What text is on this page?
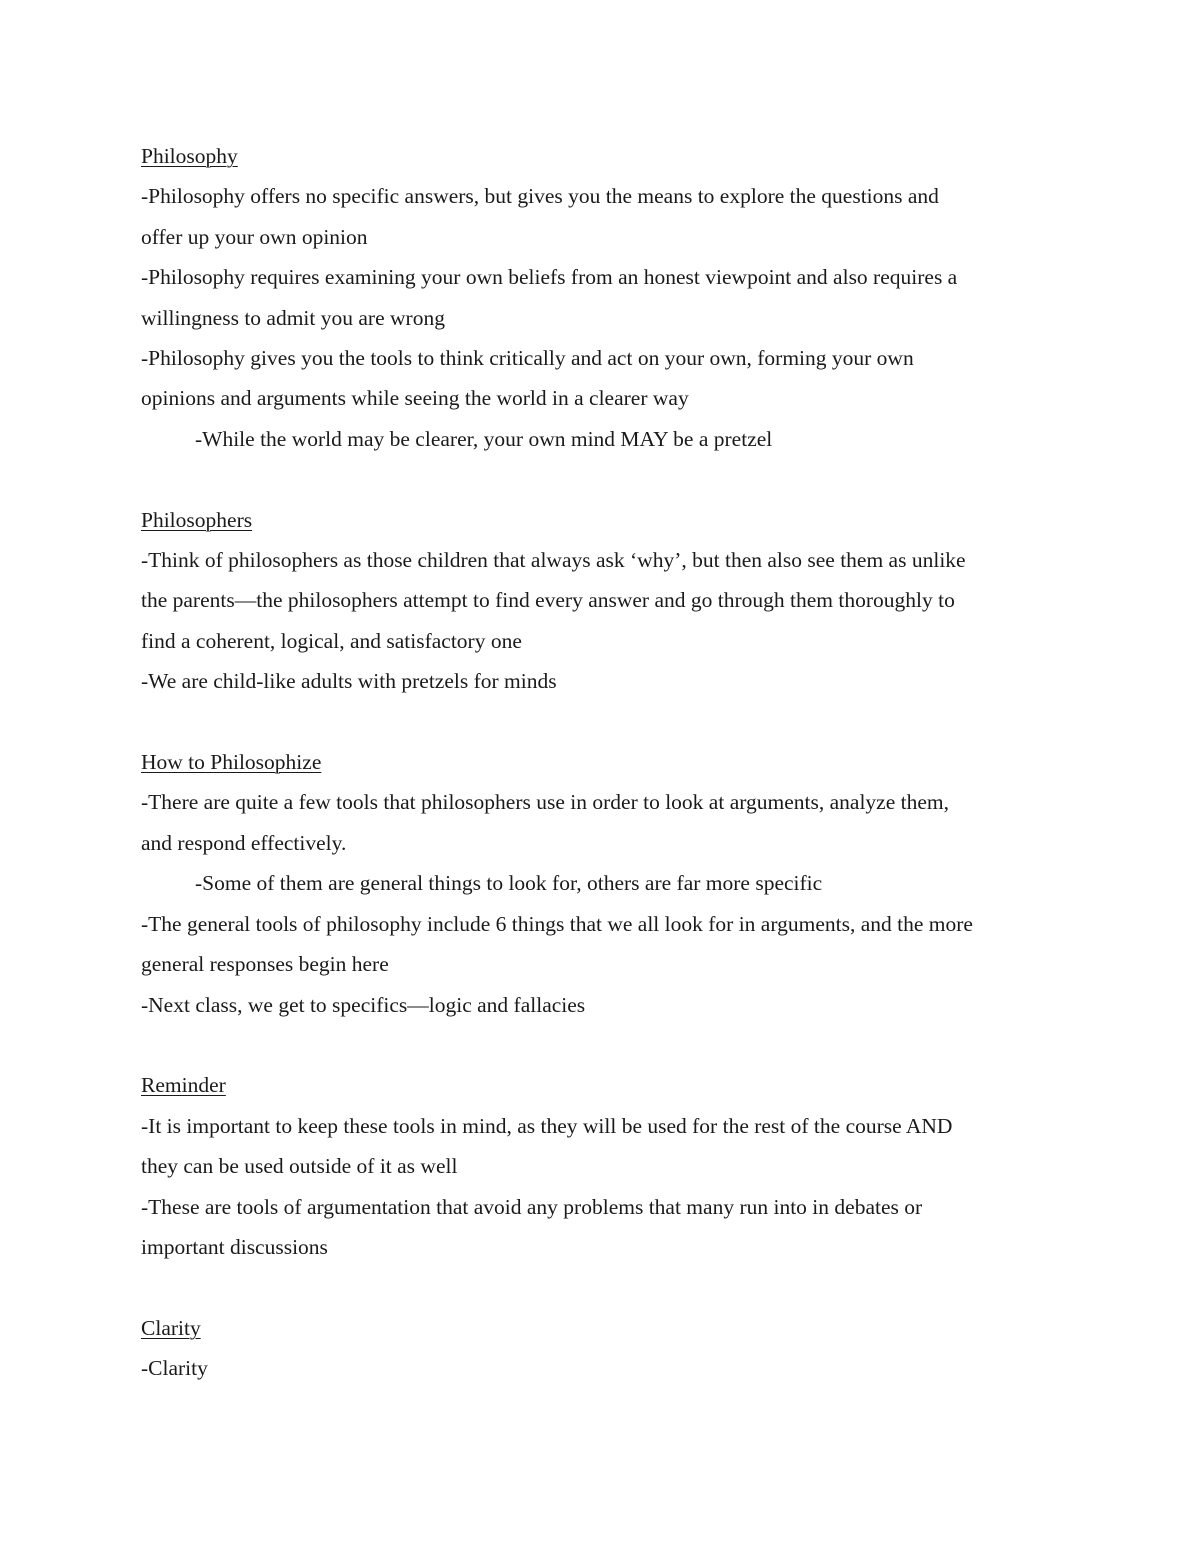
Philosophy
-Philosophy offers no specific answers, but gives you the means to explore the questions and
offer up your own opinion
-Philosophy requires examining your own beliefs from an honest viewpoint and also requires a
willingness to admit you are wrong
-Philosophy gives you the tools to think critically and act on your own, forming your own
opinions and arguments while seeing the world in a clearer way
-While the world may be clearer, your own mind MAY be a pretzel
Philosophers
-Think of philosophers as those children that always ask ‘why’, but then also see them as unlike
the parents—the philosophers attempt to find every answer and go through them thoroughly to
find a coherent, logical, and satisfactory one
-We are child-like adults with pretzels for minds
How to Philosophize
-There are quite a few tools that philosophers use in order to look at arguments, analyze them,
and respond effectively.
-Some of them are general things to look for, others are far more specific
-The general tools of philosophy include 6 things that we all look for in arguments, and the more
general responses begin here
-Next class, we get to specifics—logic and fallacies
Reminder
-It is important to keep these tools in mind, as they will be used for the rest of the course AND
they can be used outside of it as well
-These are tools of argumentation that avoid any problems that many run into in debates or
important discussions
Clarity
-Clarity
